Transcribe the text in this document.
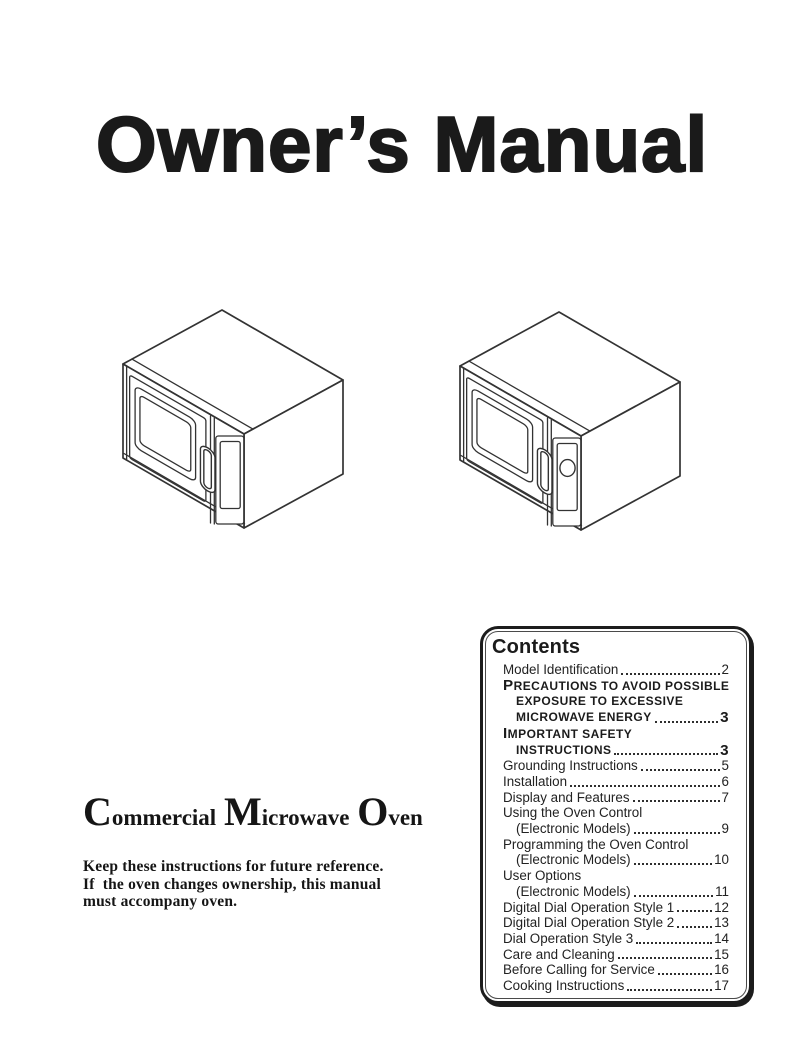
Owner’s Manual
Contents
Model Identification	2
PRECAUTIONS TO AVOID POSSIBLE
EXPOSURE TO EXCESSIVE
MICROWAVE ENERGY	3
IMPORTANT SAFETY
INSTRUCTIONS	3
Grounding Instructions	5
Installation	6
Display and Features	7
Using the Oven Control
(Electronic Models)	9
Programming the Oven Control
(Electronic Models)	10
User Options
(Electronic Models)	11
Digital Dial Operation Style 1	12
Digital Dial Operation Style 2	13
Dial Operation Style 3	14
Care and Cleaning	15
Before Calling for Service	16
Cooking Instructions	17
Commercial Microwave Oven
Keep these instructions for future reference.
If  the oven changes ownership, this manual
must accompany oven.
